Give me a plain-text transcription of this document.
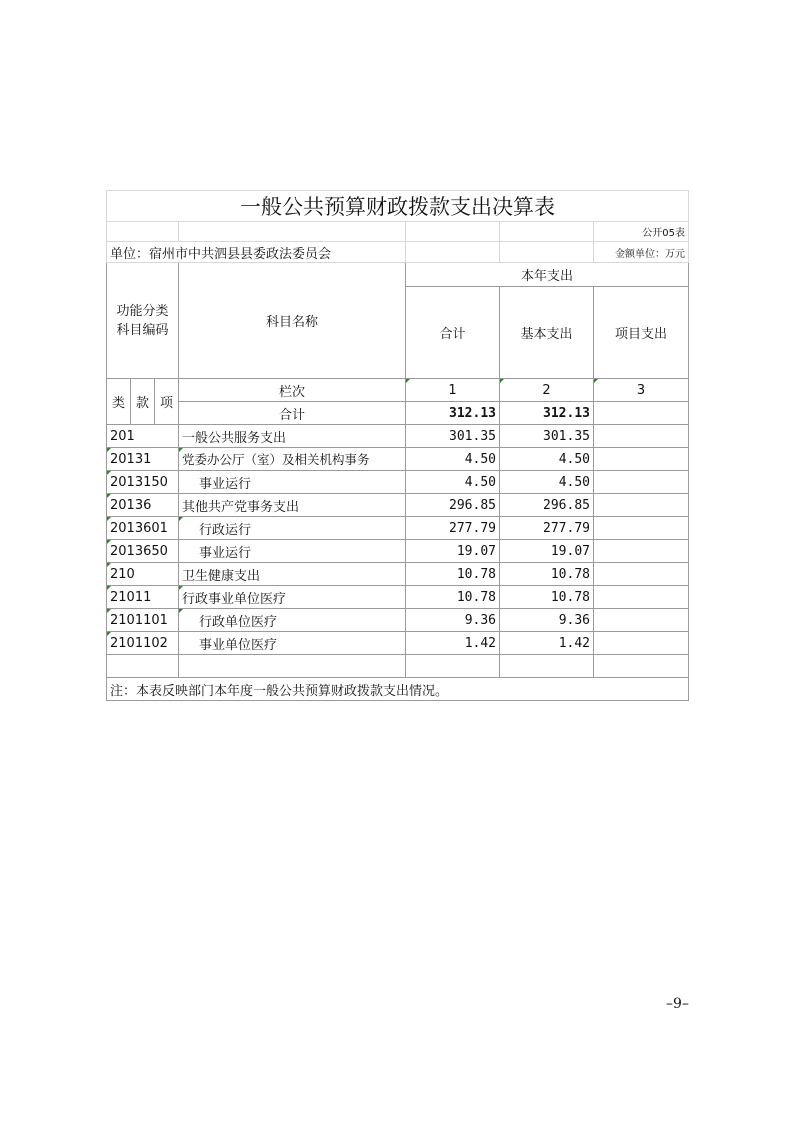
一般公共预算财政拨款支出决算表						
						公开05表
单位：宿州市中共泗县县委政法委员会						金额单位：万元
功能分类
科目编码			科目名称	本年支出		
				合计	基本支出	项目支出
类	款	项	栏次	1	2	3
			合计	312.13	312.13	
201			一般公共服务支出	301.35	301.35	
20131			党委办公厅（室）及相关机构事务	4.50	4.50	
2013150			事业运行	4.50	4.50	
20136			其他共产党事务支出	296.85	296.85	
2013601			行政运行	277.79	277.79	
2013650			事业运行	19.07	19.07	
210			卫生健康支出	10.78	10.78	
21011			行政事业单位医疗	10.78	10.78	
2101101			行政单位医疗	9.36	9.36	
2101102			事业单位医疗	1.42	1.42	

注：本表反映部门本年度一般公共预算财政拨款支出情况。						
–9–
